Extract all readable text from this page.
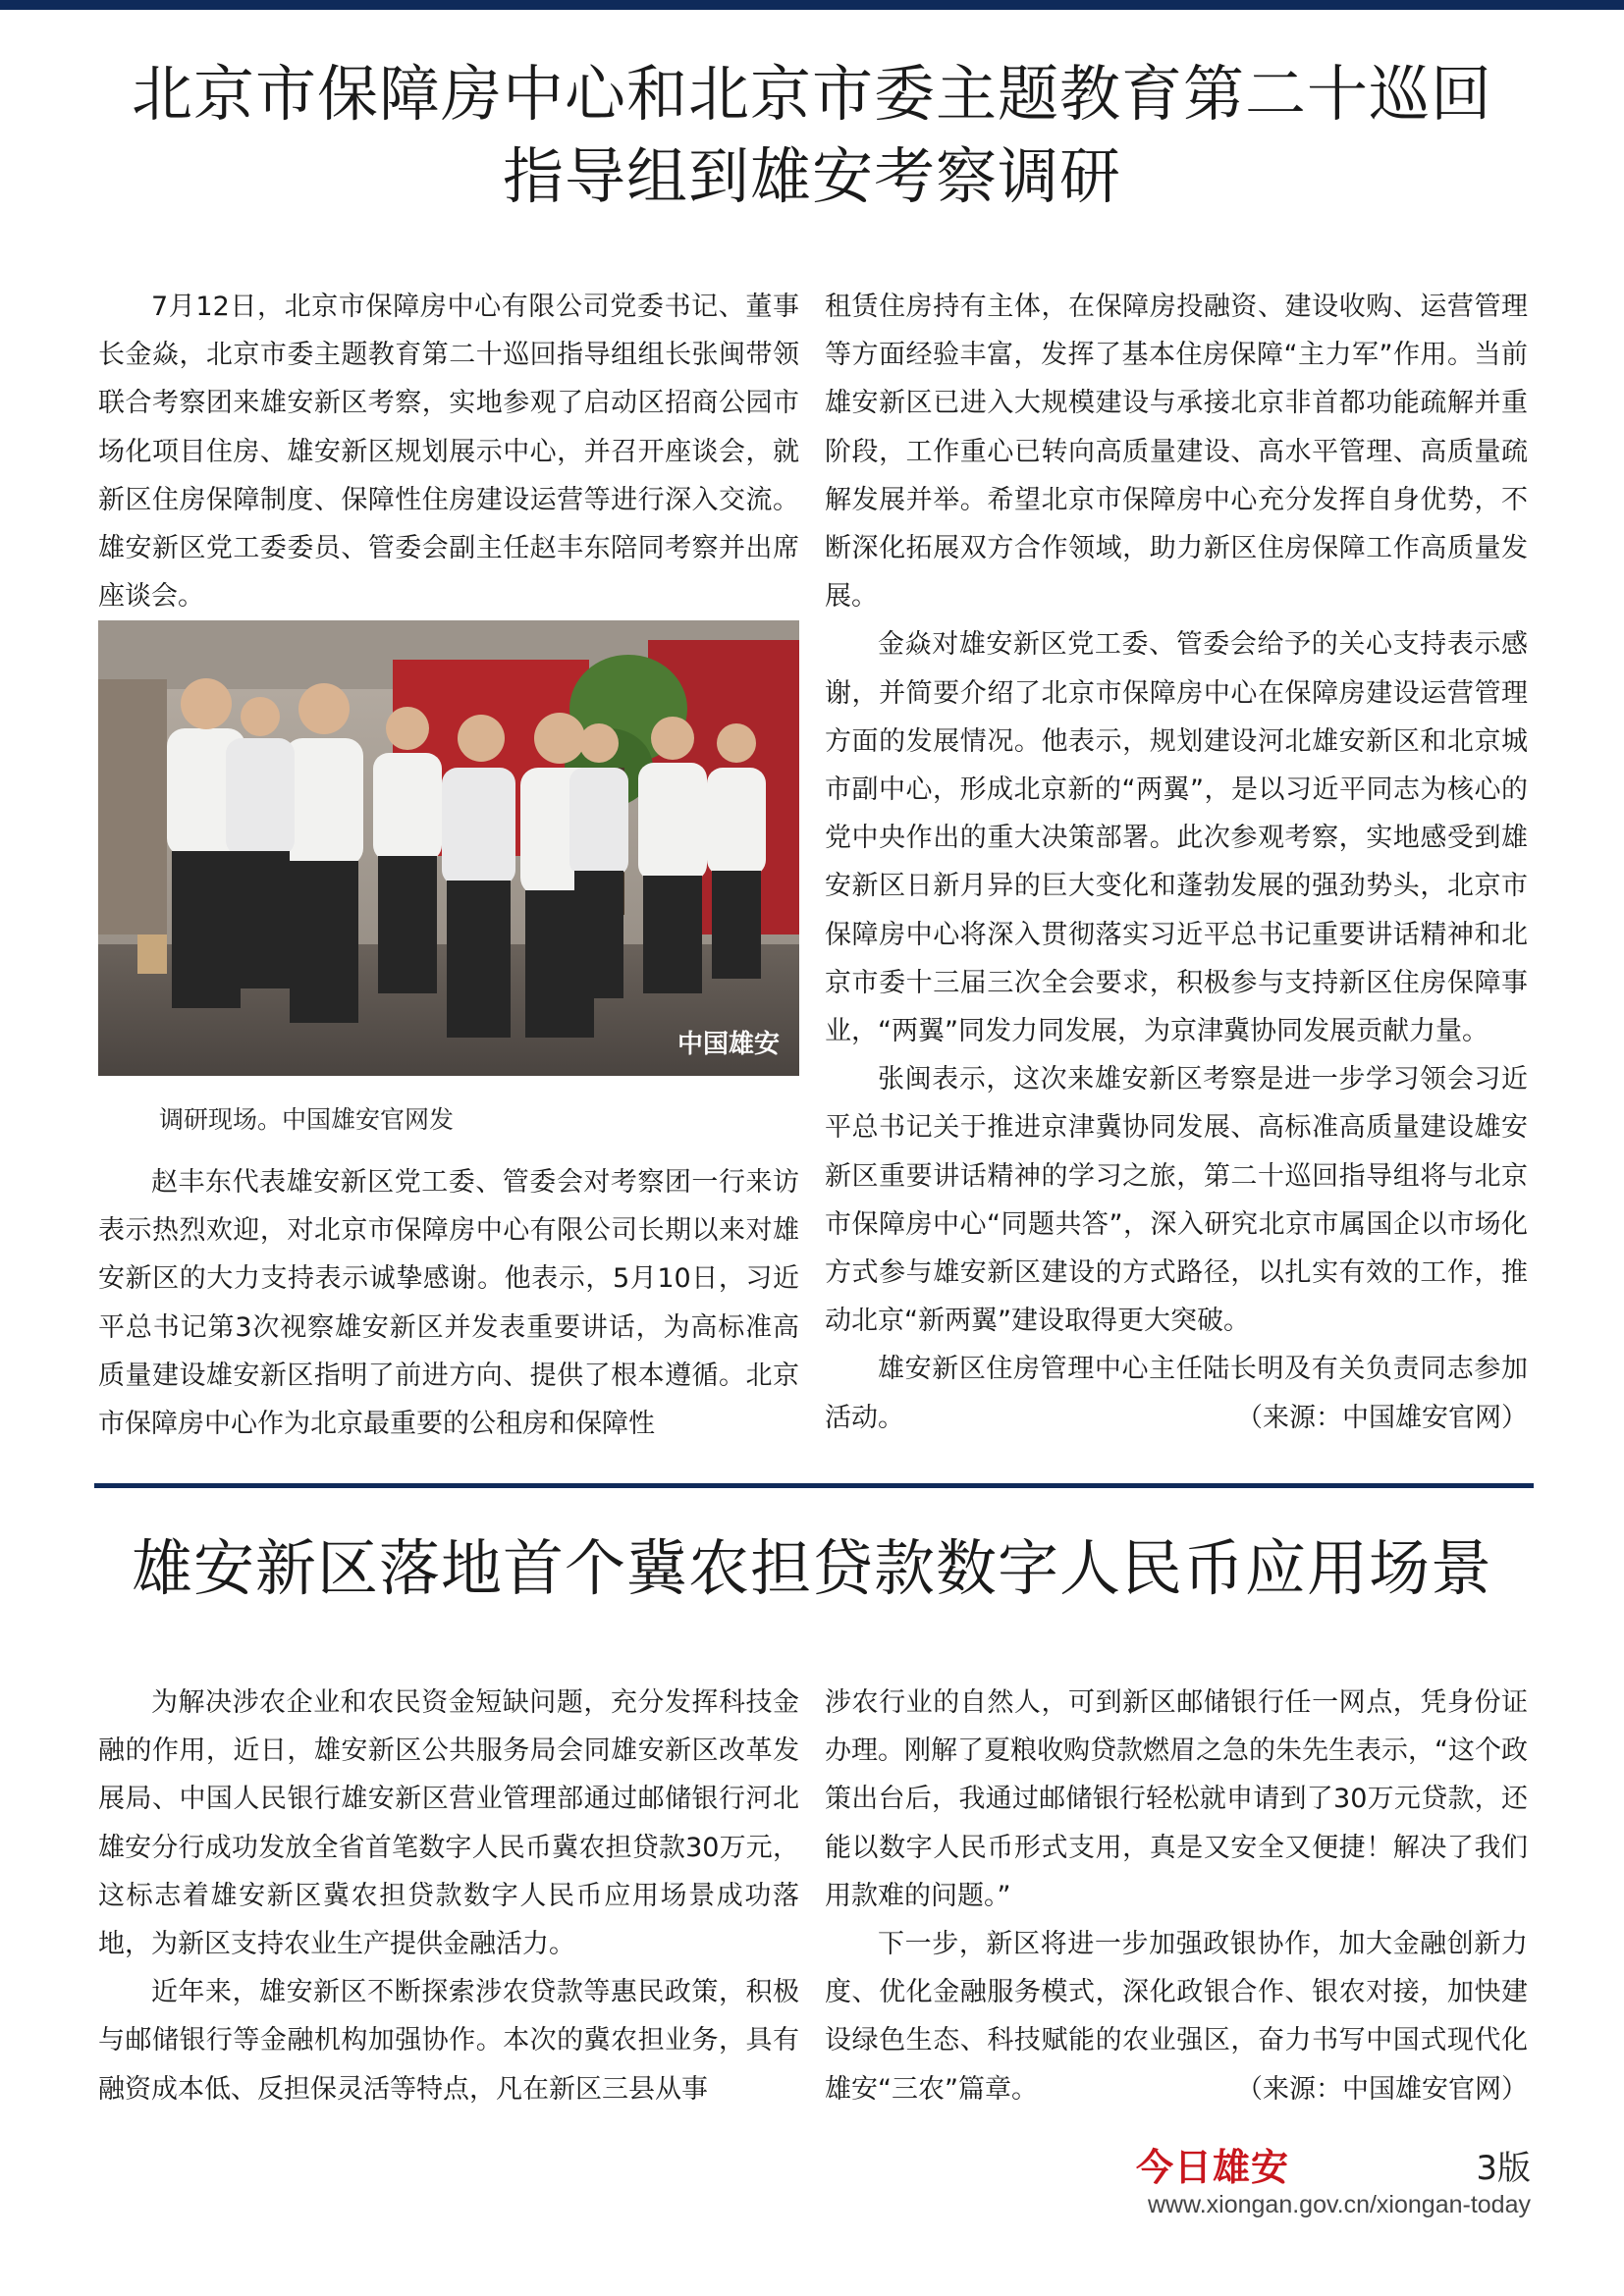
北京市保障房中心和北京市委主题教育第二十巡回
指导组到雄安考察调研

7月12日，北京市保障房中心有限公司党委书记、董事长金焱，北京市委主题教育第二十巡回指导组组长张闽带领联合考察团来雄安新区考察，实地参观了启动区招商公园市场化项目住房、雄安新区规划展示中心，并召开座谈会，就新区住房保障制度、保障性住房建设运营等进行深入交流。雄安新区党工委委员、管委会副主任赵丰东陪同考察并出席座谈会。

中国雄安
调研现场。中国雄安官网发

赵丰东代表雄安新区党工委、管委会对考察团一行来访表示热烈欢迎，对北京市保障房中心有限公司长期以来对雄安新区的大力支持表示诚挚感谢。他表示，5月10日，习近平总书记第3次视察雄安新区并发表重要讲话，为高标准高质量建设雄安新区指明了前进方向、提供了根本遵循。北京市保障房中心作为北京最重要的公租房和保障性

租赁住房持有主体，在保障房投融资、建设收购、运营管理等方面经验丰富，发挥了基本住房保障“主力军”作用。当前雄安新区已进入大规模建设与承接北京非首都功能疏解并重阶段，工作重心已转向高质量建设、高水平管理、高质量疏解发展并举。希望北京市保障房中心充分发挥自身优势，不断深化拓展双方合作领域，助力新区住房保障工作高质量发展。

金焱对雄安新区党工委、管委会给予的关心支持表示感谢，并简要介绍了北京市保障房中心在保障房建设运营管理方面的发展情况。他表示，规划建设河北雄安新区和北京城市副中心，形成北京新的“两翼”，是以习近平同志为核心的党中央作出的重大决策部署。此次参观考察，实地感受到雄安新区日新月异的巨大变化和蓬勃发展的强劲势头，北京市保障房中心将深入贯彻落实习近平总书记重要讲话精神和北京市委十三届三次全会要求，积极参与支持新区住房保障事业，“两翼”同发力同发展，为京津冀协同发展贡献力量。

张闽表示，这次来雄安新区考察是进一步学习领会习近平总书记关于推进京津冀协同发展、高标准高质量建设雄安新区重要讲话精神的学习之旅，第二十巡回指导组将与北京市保障房中心“同题共答”，深入研究北京市属国企以市场化方式参与雄安新区建设的方式路径，以扎实有效的工作，推动北京“新两翼”建设取得更大突破。

雄安新区住房管理中心主任陆长明及有关负责同志参加活动。	（来源：中国雄安官网）

雄安新区落地首个冀农担贷款数字人民币应用场景

为解决涉农企业和农民资金短缺问题，充分发挥科技金融的作用，近日，雄安新区公共服务局会同雄安新区改革发展局、中国人民银行雄安新区营业管理部通过邮储银行河北雄安分行成功发放全省首笔数字人民币冀农担贷款30万元，这标志着雄安新区冀农担贷款数字人民币应用场景成功落地，为新区支持农业生产提供金融活力。

近年来，雄安新区不断探索涉农贷款等惠民政策，积极与邮储银行等金融机构加强协作。本次的冀农担业务，具有融资成本低、反担保灵活等特点，凡在新区三县从事

涉农行业的自然人，可到新区邮储银行任一网点，凭身份证办理。刚解了夏粮收购贷款燃眉之急的朱先生表示，“这个政策出台后，我通过邮储银行轻松就申请到了30万元贷款，还能以数字人民币形式支用，真是又安全又便捷！解决了我们用款难的问题。”

下一步，新区将进一步加强政银协作，加大金融创新力度、优化金融服务模式，深化政银合作、银农对接，加快建设绿色生态、科技赋能的农业强区，奋力书写中国式现代化雄安“三农”篇章。	（来源：中国雄安官网）

今日雄安	3版
www.xiongan.gov.cn/xiongan-today
